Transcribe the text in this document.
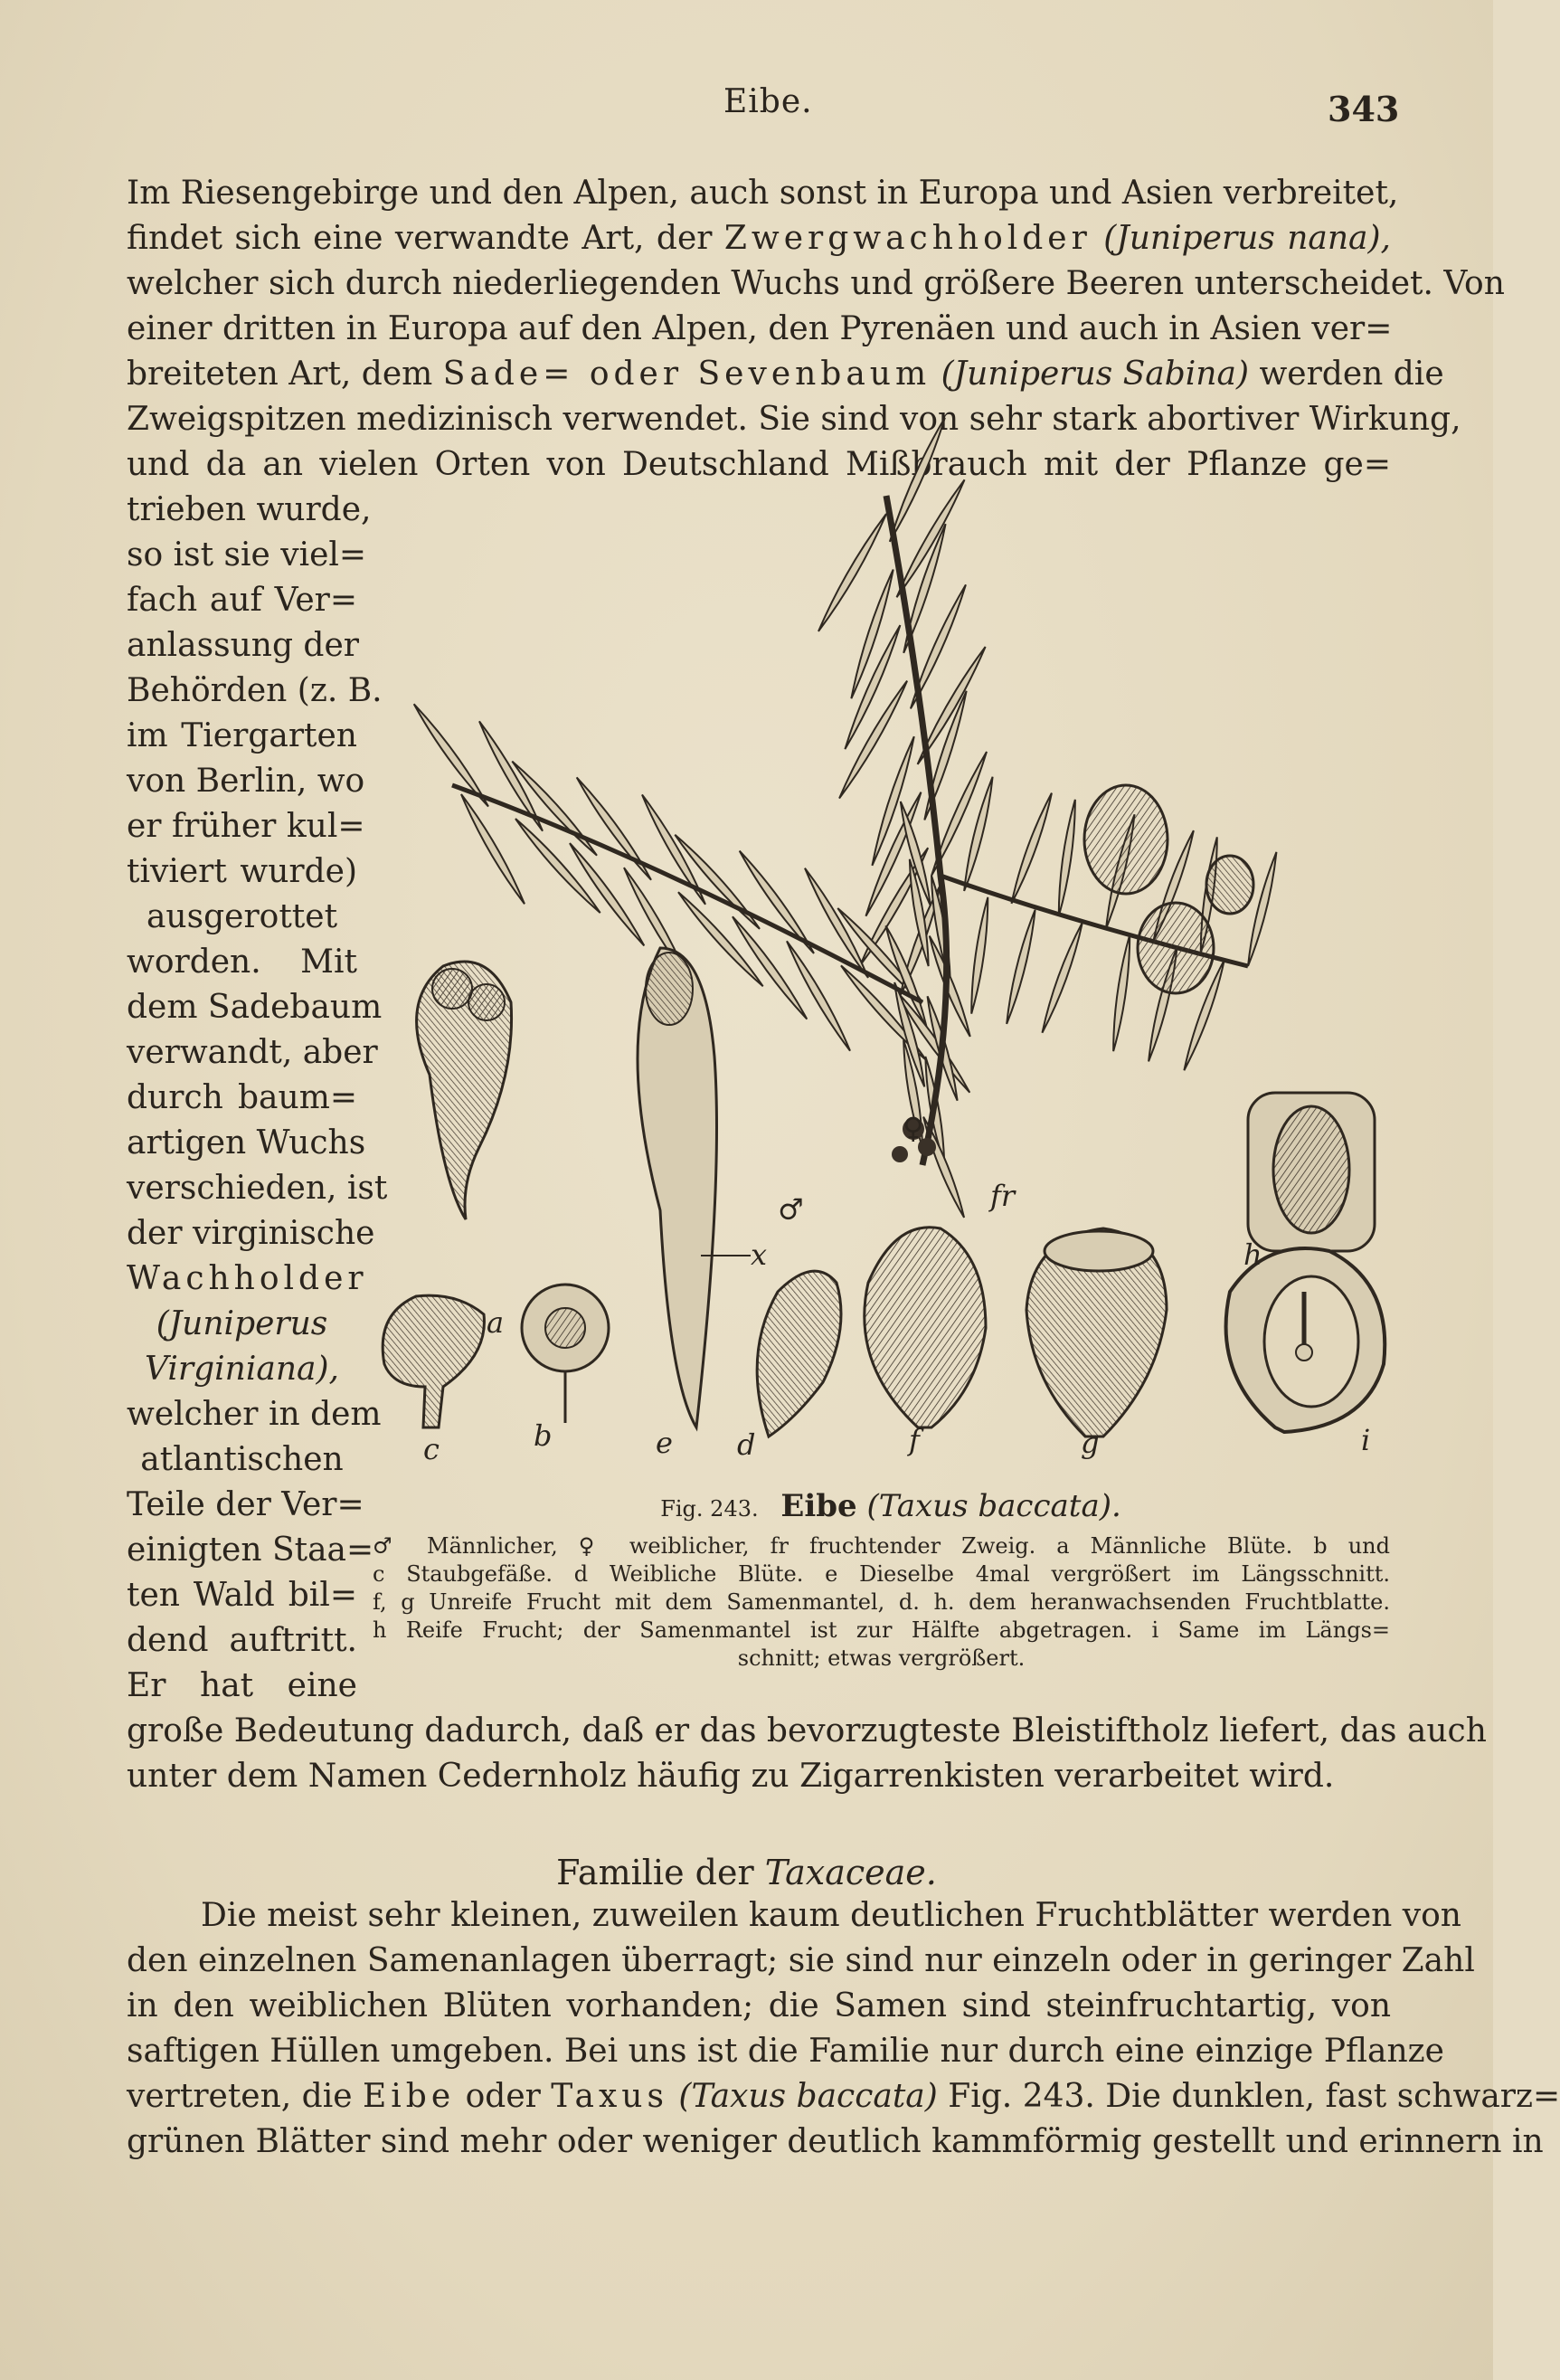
Eibe.	343
Im Riesengebirge und den Alpen, auch sonst in Europa und Asien verbreitet,
findet sich eine verwandte Art, der Zwergwachholder (Juniperus nana),
welcher sich durch niederliegenden Wuchs und größere Beeren unterscheidet. Von
einer dritten in Europa auf den Alpen, den Pyrenäen und auch in Asien ver=
breiteten Art, dem Sade= oder Sevenbaum (Juniperus Sabina) werden die
Zweigspitzen medizinisch verwendet. Sie sind von sehr stark abortiver Wirkung,
und da an vielen Orten von Deutschland Mißbrauch mit der Pflanze ge=
trieben wurde,
so ist sie viel=
fach auf Ver=
anlassung der
Behörden (z. B.
im Tiergarten
von Berlin, wo
er früher kul=
tiviert wurde)
ausgerottet
worden. Mit
dem Sadebaum
verwandt, aber
durch baum=
artigen Wuchs
verschieden, ist
der virginische
Wachholder
(Juniperus
Virginiana),
welcher in dem
atlantischen
Teile der Ver=
einigten Staa=
ten Wald bil=
dend auftritt.
Er hat eine
a
b
c	d
e	f	g
h
i
x
fr
♂
♀
Fig. 243. Eibe (Taxus baccata).
♂ Männlicher, ♀ weiblicher, fr fruchtender Zweig. a Männliche Blüte. b und
c Staubgefäße. d Weibliche Blüte. e Dieselbe 4mal vergrößert im Längsschnitt.
f, g Unreife Frucht mit dem Samenmantel, d. h. dem heranwachsenden Fruchtblatte.
h Reife Frucht; der Samenmantel ist zur Hälfte abgetragen. i Same im Längs=
schnitt; etwas vergrößert.
große Bedeutung dadurch, daß er das bevorzugteste Bleistiftholz liefert, das auch
unter dem Namen Cedernholz häufig zu Zigarrenkisten verarbeitet wird.
Familie der Taxaceae.
Die meist sehr kleinen, zuweilen kaum deutlichen Fruchtblätter werden von
den einzelnen Samenanlagen überragt; sie sind nur einzeln oder in geringer Zahl
in den weiblichen Blüten vorhanden; die Samen sind steinfruchtartig, von
saftigen Hüllen umgeben. Bei uns ist die Familie nur durch eine einzige Pflanze
vertreten, die Eibe oder Taxus (Taxus baccata) Fig. 243. Die dunklen, fast schwarz=
grünen Blätter sind mehr oder weniger deutlich kammförmig gestellt und erinnern in
